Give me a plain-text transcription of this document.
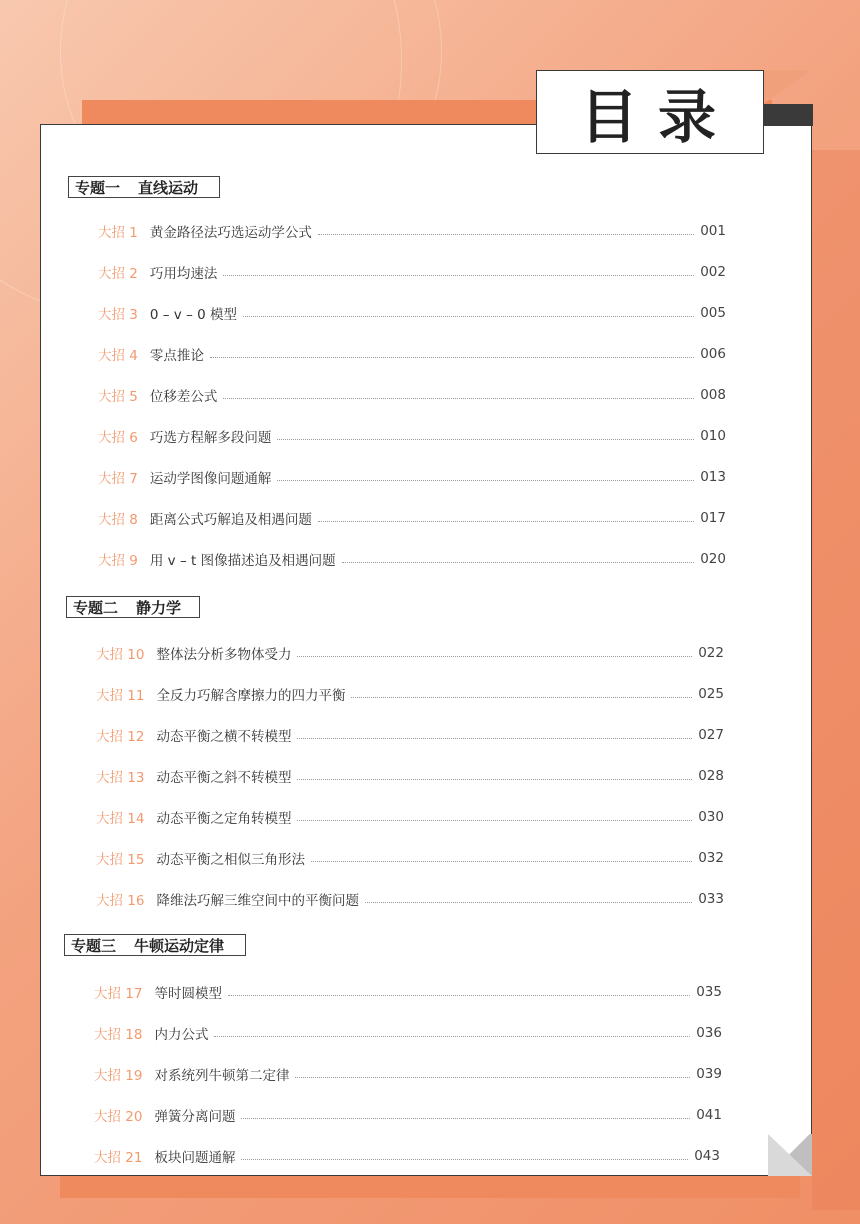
目录
专题一 直线运动
大招 1 黄金路径法巧选运动学公式	001
大招 2 巧用均速法	002
大招 3 0 – v – 0 模型	005
大招 4 零点推论	006
大招 5 位移差公式	008
大招 6 巧选方程解多段问题	010
大招 7 运动学图像问题通解	013
大招 8 距离公式巧解追及相遇问题	017
大招 9 用 v – t 图像描述追及相遇问题	020
专题二 静力学
大招 10 整体法分析多物体受力	022
大招 11 全反力巧解含摩擦力的四力平衡	025
大招 12 动态平衡之横不转模型	027
大招 13 动态平衡之斜不转模型	028
大招 14 动态平衡之定角转模型	030
大招 15 动态平衡之相似三角形法	032
大招 16 降维法巧解三维空间中的平衡问题	033
专题三 牛顿运动定律
大招 17 等时圆模型	035
大招 18 内力公式	036
大招 19 对系统列牛顿第二定律	039
大招 20 弹簧分离问题	041
大招 21 板块问题通解	043
